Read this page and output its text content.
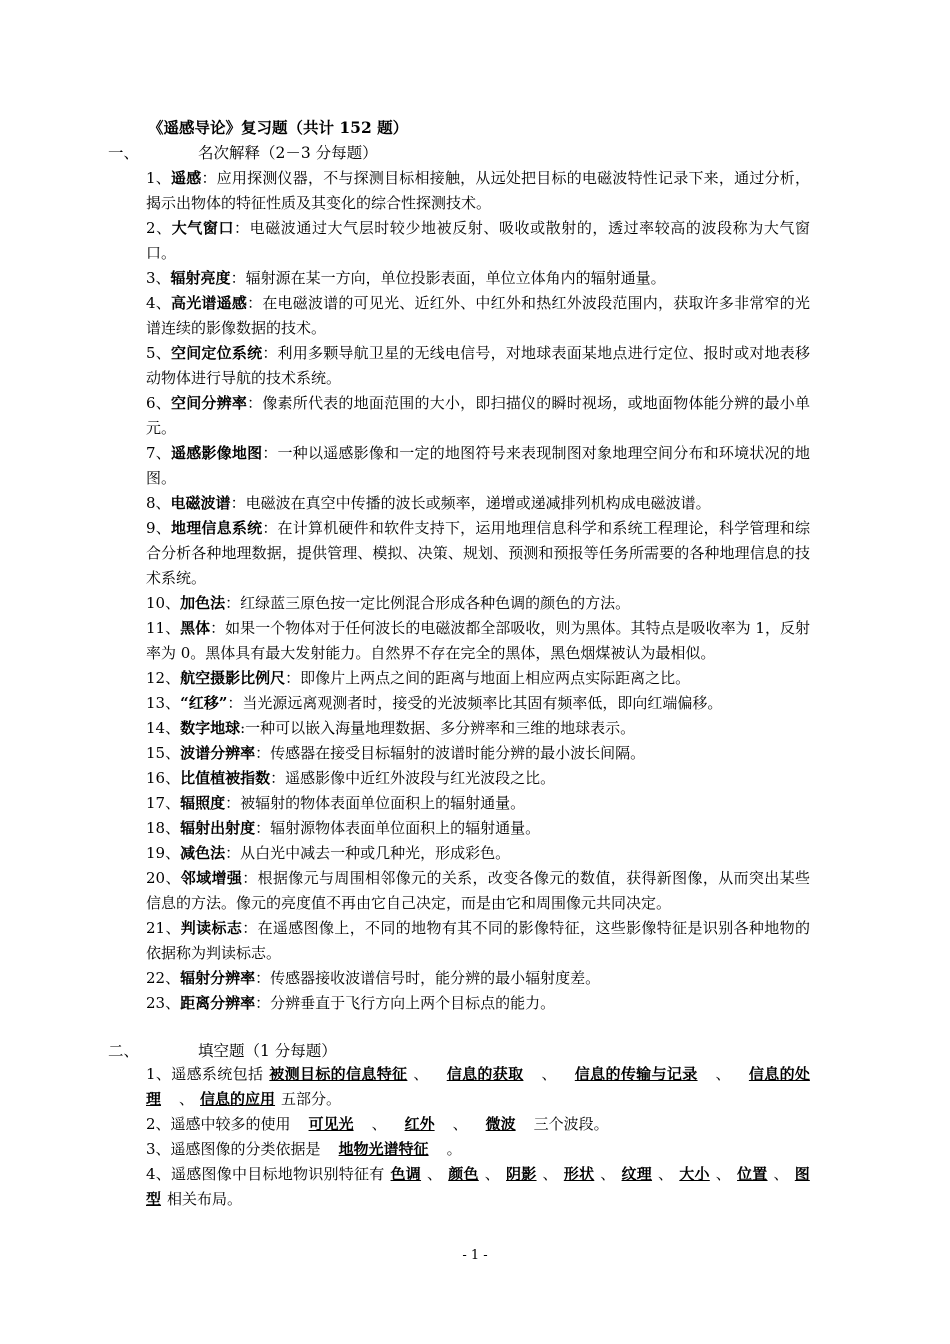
《遥感导论》复习题（共计 152 题）
一、	名次解释（2－3 分每题）

1、遥感：应用探测仪器，不与探测目标相接触，从远处把目标的电磁波特性记录下来，通过分析，揭示出物体的特征性质及其变化的综合性探测技术。

2、大气窗口：电磁波通过大气层时较少地被反射、吸收或散射的，透过率较高的波段称为大气窗口。

3、辐射亮度：辐射源在某一方向，单位投影表面，单位立体角内的辐射通量。

4、高光谱遥感：在电磁波谱的可见光、近红外、中红外和热红外波段范围内，获取许多非常窄的光谱连续的影像数据的技术。

5、空间定位系统：利用多颗导航卫星的无线电信号，对地球表面某地点进行定位、报时或对地表移动物体进行导航的技术系统。

6、空间分辨率：像素所代表的地面范围的大小，即扫描仪的瞬时视场，或地面物体能分辨的最小单元。

7、遥感影像地图：一种以遥感影像和一定的地图符号来表现制图对象地理空间分布和环境状况的地图。

8、电磁波谱：电磁波在真空中传播的波长或频率，递增或递减排列机构成电磁波谱。

9、地理信息系统：在计算机硬件和软件支持下，运用地理信息科学和系统工程理论，科学管理和综合分析各种地理数据，提供管理、模拟、决策、规划、预测和预报等任务所需要的各种地理信息的技术系统。

10、加色法：红绿蓝三原色按一定比例混合形成各种色调的颜色的方法。

11、黑体：如果一个物体对于任何波长的电磁波都全部吸收，则为黑体。其特点是吸收率为 1，反射率为 0。黑体具有最大发射能力。自然界不存在完全的黑体，黑色烟煤被认为最相似。

12、航空摄影比例尺：即像片上两点之间的距离与地面上相应两点实际距离之比。

13、“红移”：当光源远离观测者时，接受的光波频率比其固有频率低，即向红端偏移。

14、数字地球:一种可以嵌入海量地理数据、多分辨率和三维的地球表示。

15、波谱分辨率：传感器在接受目标辐射的波谱时能分辨的最小波长间隔。

16、比值植被指数：遥感影像中近红外波段与红光波段之比。

17、辐照度：被辐射的物体表面单位面积上的辐射通量。

18、辐射出射度：辐射源物体表面单位面积上的辐射通量。

19、减色法：从白光中减去一种或几种光，形成彩色。

20、邻域增强：根据像元与周围相邻像元的关系，改变各像元的数值，获得新图像，从而突出某些信息的方法。像元的亮度值不再由它自己决定，而是由它和周围像元共同决定。

21、判读标志：在遥感图像上，不同的地物有其不同的影像特征，这些影像特征是识别各种地物的依据称为判读标志。

22、辐射分辨率：传感器接收波谱信号时，能分辨的最小辐射度差。

23、距离分辨率：分辨垂直于飞行方向上两个目标点的能力。

二、	填空题（1 分每题）

1、遥感系统包括 被测目标的信息特征 、 信息的获取 、 信息的传输与记录 、 信息的处理 、 信息的应用 五部分。

2、遥感中较多的使用 可见光 、 红外 、 微波 三个波段。

3、遥感图像的分类依据是 地物光谱特征 。

4、遥感图像中目标地物识别特征有 色调 、 颜色 、 阴影 、 形状 、 纹理 、 大小 、 位置 、 图型 相关布局。

- 1 -
